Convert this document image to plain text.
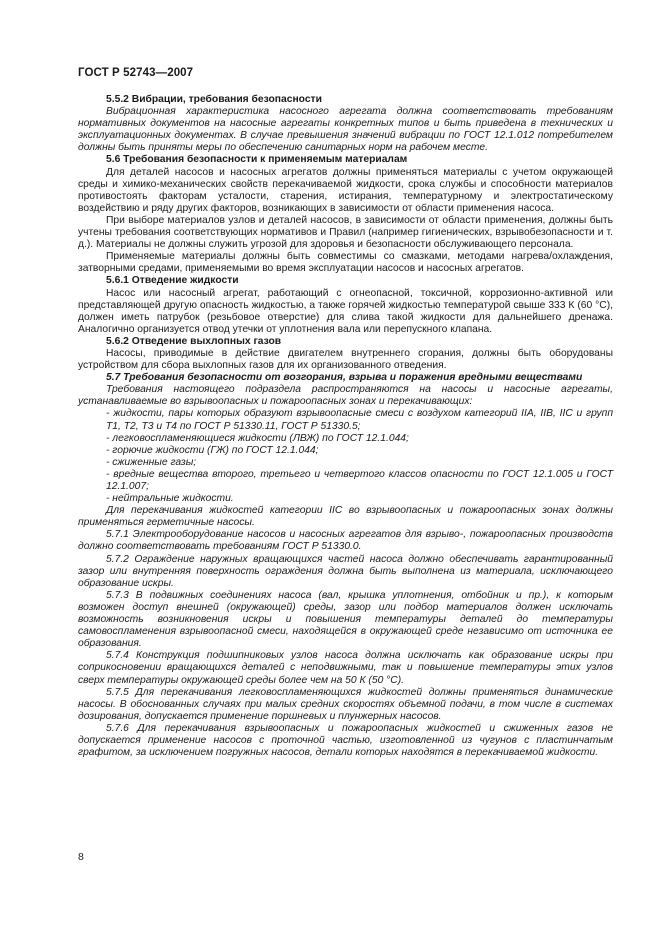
ГОСТ Р 52743—2007
5.5.2 Вибрации, требования безопасности
Вибрационная характеристика насосного агрегата должна соответствовать требованиям нормативных документов на насосные агрегаты конкретных типов и быть приведена в технических и эксплуатационных документах. В случае превышения значений вибрации по ГОСТ 12.1.012 потребителем должны быть приняты меры по обеспечению санитарных норм на рабочем месте.
5.6 Требования безопасности к применяемым материалам
Для деталей насосов и насосных агрегатов должны применяться материалы с учетом окружающей среды и химико-механических свойств перекачиваемой жидкости, срока службы и способности материалов противостоять факторам усталости, старения, истирания, температурному и электростатическому воздействию и ряду других факторов, возникающих в зависимости от области применения насоса.
При выборе материалов узлов и деталей насосов, в зависимости от области применения, должны быть учтены требования соответствующих нормативов и Правил (например гигиенических, взрывобезопасности и т. д.). Материалы не должны служить угрозой для здоровья и безопасности обслуживающего персонала.
Применяемые материалы должны быть совместимы со смазками, методами нагрева/охлаждения, затворными средами, применяемыми во время эксплуатации насосов и насосных агрегатов.
5.6.1 Отведение жидкости
Насос или насосный агрегат, работающий с огнеопасной, токсичной, коррозионно-активной или представляющей другую опасность жидкостью, а также горячей жидкостью температурой свыше 333 К (60 °С), должен иметь патрубок (резьбовое отверстие) для слива такой жидкости для дальнейшего дренажа. Аналогично организуется отвод утечки от уплотнения вала или перепускного клапана.
5.6.2 Отведение выхлопных газов
Насосы, приводимые в действие двигателем внутреннего сгорания, должны быть оборудованы устройством для сбора выхлопных газов для их организованного отведения.
5.7 Требования безопасности от возгорания, взрыва и поражения вредными веществами
Требования настоящего подраздела распространяются на насосы и насосные агрегаты, устанавливаемые во взрывоопасных и пожароопасных зонах и перекачивающих:
- жидкости, пары которых образуют взрывоопасные смеси с воздухом категорий IIA, IIB, IIC и групп Т1, Т2, Т3 и Т4 по ГОСТ Р 51330.11, ГОСТ Р 51330.5;
- легковоспламеняющиеся жидкости (ЛВЖ) по ГОСТ 12.1.044;
- горючие жидкости (ГЖ) по ГОСТ 12.1.044;
- сжиженные газы;
- вредные вещества второго, третьего и четвертого классов опасности по ГОСТ 12.1.005 и ГОСТ 12.1.007;
- нейтральные жидкости.
Для перекачивания жидкостей категории IIC во взрывоопасных и пожароопасных зонах должны применяться герметичные насосы.
5.7.1 Электрооборудование насосов и насосных агрегатов для взрыво-, пожароопасных производств должно соответствовать требованиям ГОСТ Р 51330.0.
5.7.2 Ограждение наружных вращающихся частей насоса должно обеспечивать гарантированный зазор или внутренняя поверхность ограждения должна быть выполнена из материала, исключающего образование искры.
5.7.3 В подвижных соединениях насоса (вал, крышка уплотнения, отбойник и пр.), к которым возможен доступ внешней (окружающей) среды, зазор или подбор материалов должен исключать возможность возникновения искры и повышения температуры деталей до температуры самовоспламенения взрывоопасной смеси, находящейся в окружающей среде независимо от источника ее образования.
5.7.4 Конструкция подшипниковых узлов насоса должна исключать как образование искры при соприкосновении вращающихся деталей с неподвижными, так и повышение температуры этих узлов сверх температуры окружающей среды более чем на 50 К (50 °С).
5.7.5 Для перекачивания легковоспламеняющихся жидкостей должны применяться динамические насосы. В обоснованных случаях при малых средних скоростях объемной подачи, в том числе в системах дозирования, допускается применение поршневых и плунжерных насосов.
5.7.6 Для перекачивания взрывоопасных и пожароопасных жидкостей и сжиженных газов не допускается применение насосов с проточной частью, изготовленной из чугунов с пластинчатым графитом, за исключением погружных насосов, детали которых находятся в перекачиваемой жидкости.
8
